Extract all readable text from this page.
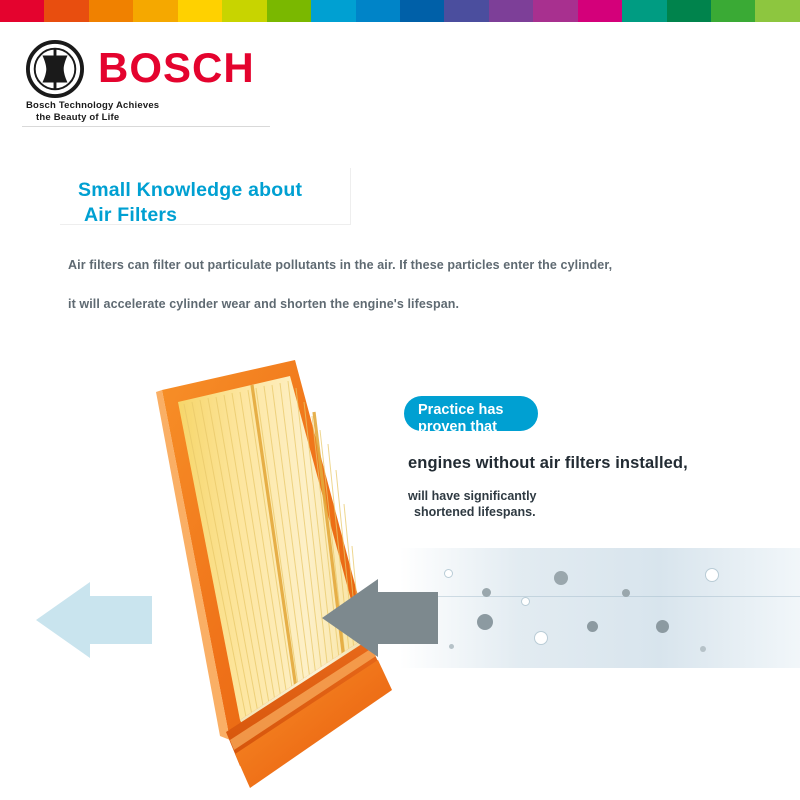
BOSCH
Bosch Technology Achieves
the Beauty of Life
Small Knowledge about
Air Filters
Air filters can filter out particulate pollutants in the air. If these particles enter the cylinder,
it will accelerate cylinder wear and shorten the engine's lifespan.
Practice has
proven that
engines without air filters installed,
will have significantly
shortened lifespans.
